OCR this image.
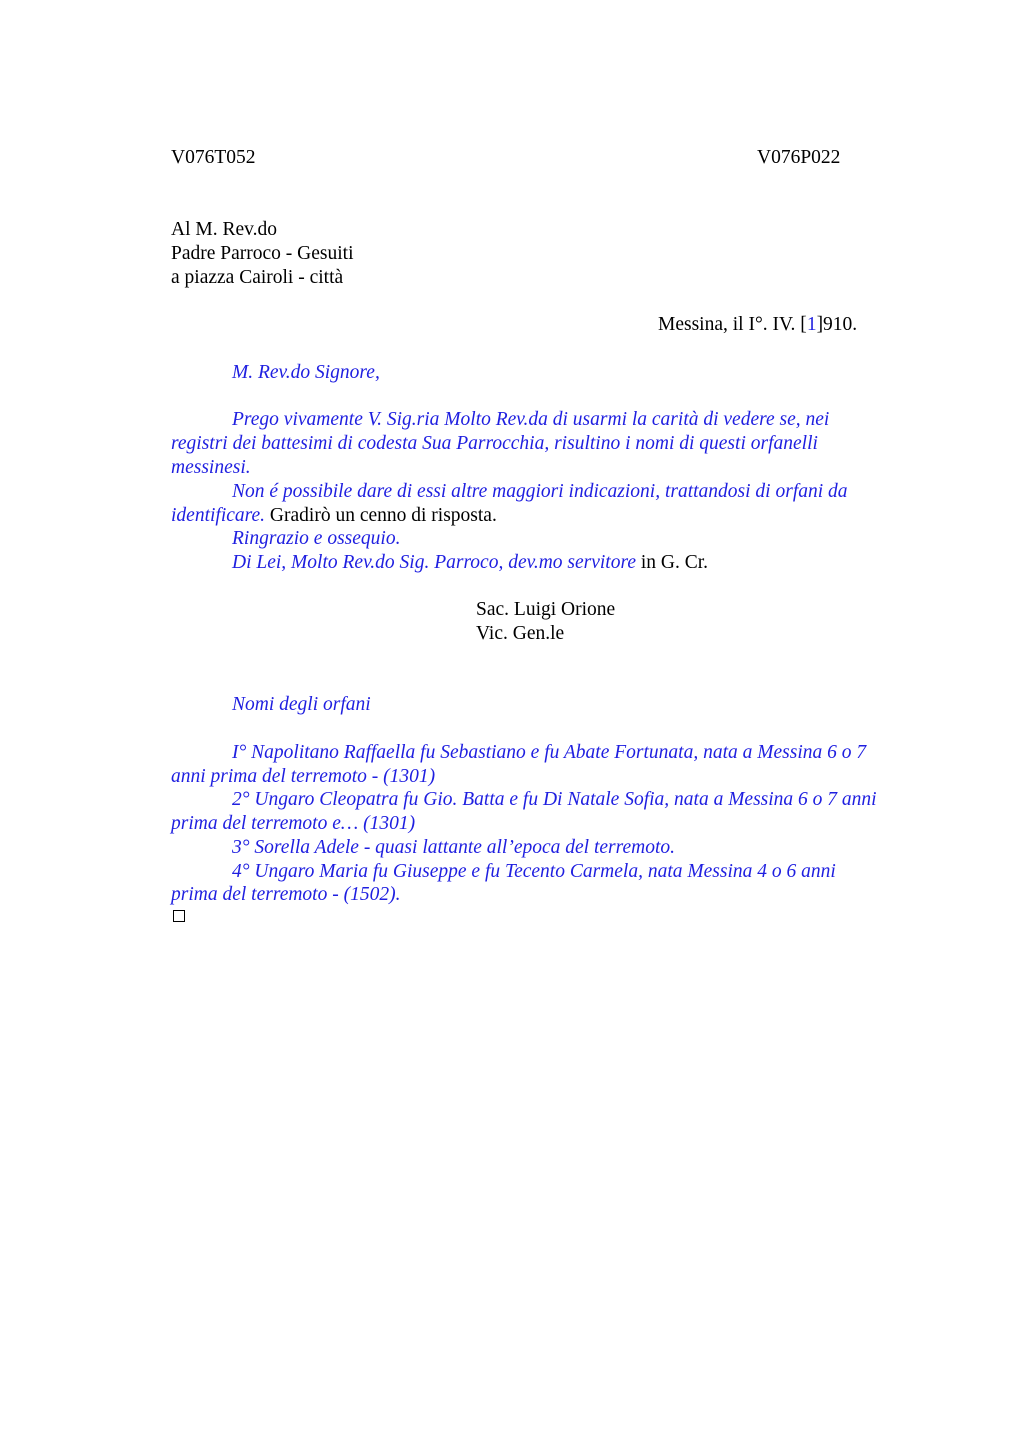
V076T052	V076P022

Al M. Rev.do

Padre Parroco - Gesuiti

a piazza Cairoli - città

Messina, il I°. IV. [1]910.

M. Rev.do Signore,

Prego vivamente V. Sig.ria Molto Rev.da di usarmi la carità di vedere se, nei

registri dei battesimi di codesta Sua Parrocchia, risultino i nomi di questi orfanelli

messinesi.

Non é possibile dare di essi altre maggiori indicazioni, trattandosi di orfani da

identificare. Gradirò un cenno di risposta.

Ringrazio e ossequio.

Di Lei, Molto Rev.do Sig. Parroco, dev.mo servitore in G. Cr.

Sac. Luigi Orione

Vic. Gen.le

Nomi degli orfani

I° Napolitano Raffaella fu Sebastiano e fu Abate Fortunata, nata a Messina 6 o 7

anni prima del terremoto - (1301)

2° Ungaro Cleopatra fu Gio. Batta e fu Di Natale Sofia, nata a Messina 6 o 7 anni

prima del terremoto e… (1301)

3° Sorella Adele - quasi lattante all’epoca del terremoto.

4° Ungaro Maria fu Giuseppe e fu Tecento Carmela, nata Messina 4 o 6 anni

prima del terremoto - (1502).
